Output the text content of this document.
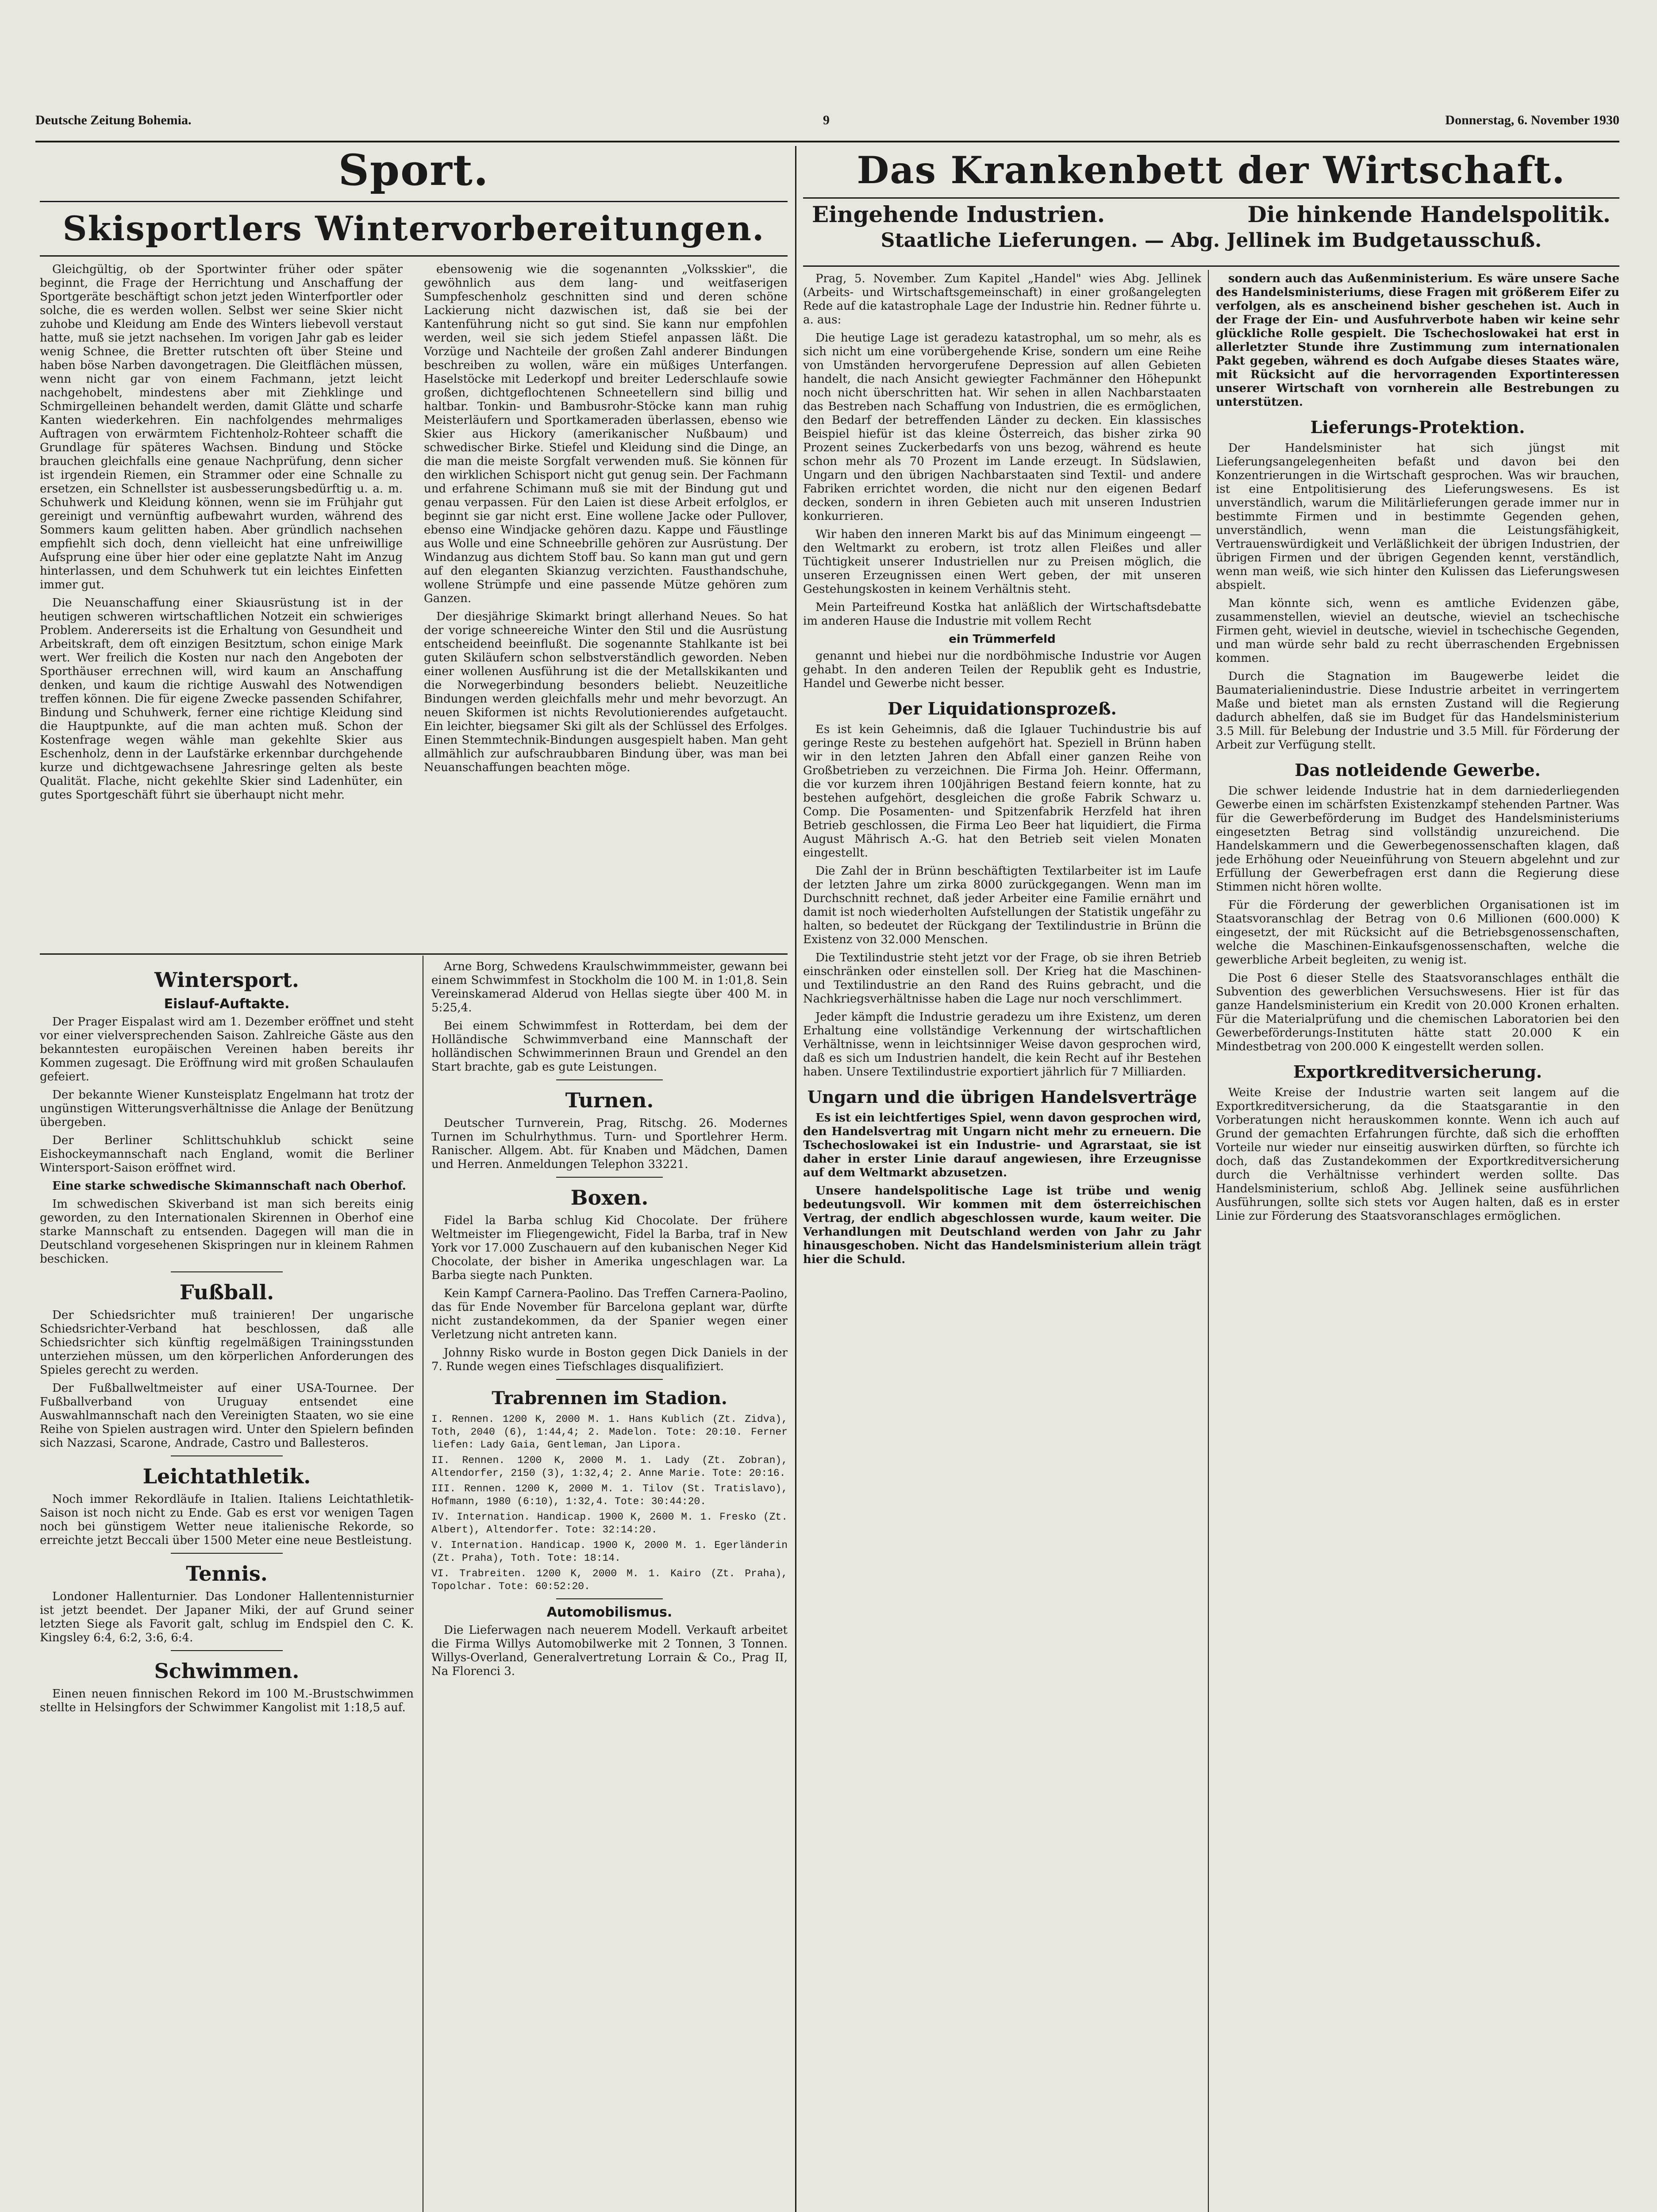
Deutsche Zeitung Bohemia.	9	Donnerstag, 6. November 1930
Sport.
Skisportlers Wintervorbereitungen.

Gleichgültig, ob der Sportwinter früher oder später beginnt, die Frage der Herrichtung und Anschaffung der Sportgeräte beschäftigt schon jetzt jeden Winterfportler oder solche, die es werden wollen. Selbst wer seine Skier nicht zuhobe und Kleidung am Ende des Winters liebevoll verstaut hatte, muß sie jetzt nachsehen. Im vorigen Jahr gab es leider wenig Schnee, die Bretter rutschten oft über Steine und haben böse Narben davongetragen. Die Gleitflächen müssen, wenn nicht gar von einem Fachmann, jetzt leicht nachgehobelt, mindestens aber mit Ziehklinge und Schmirgelleinen behandelt werden, damit Glätte und scharfe Kanten wiederkehren. Ein nachfolgendes mehrmaliges Auftragen von erwärmtem Fichtenholz-Rohteer schafft die Grundlage für späteres Wachsen. Bindung und Stöcke brauchen gleichfalls eine genaue Nachprüfung, denn sicher ist irgendein Riemen, ein Strammer oder eine Schnalle zu ersetzen, ein Schnellster ist ausbesserungsbedürftig u. a. m. Schuhwerk und Kleidung können, wenn sie im Frühjahr gut gereinigt und vernünftig aufbewahrt wurden, während des Sommers kaum gelitten haben. Aber gründlich nachsehen empfiehlt sich doch, denn vielleicht hat eine unfreiwillige Aufsprung eine über hier oder eine geplatzte Naht im Anzug hinterlassen, und dem Schuhwerk tut ein leichtes Einfetten immer gut.

Die Neuanschaffung einer Skiausrüstung ist in der heutigen schweren wirtschaftlichen Notzeit ein schwieriges Problem. Andererseits ist die Erhaltung von Gesundheit und Arbeitskraft, dem oft einzigen Besitztum, schon einige Mark wert. Wer freilich die Kosten nur nach den Angeboten der Sporthäuser errechnen will, wird kaum an Anschaffung denken, und kaum die richtige Auswahl des Notwendigen treffen können. Die für eigene Zwecke passenden Schifahrer, Bindung und Schuhwerk, ferner eine richtige Kleidung sind die Hauptpunkte, auf die man achten muß. Schon der Kostenfrage wegen wähle man gekehlte Skier aus Eschenholz, denn in der Laufstärke erkennbar durchgehende kurze und dichtgewachsene Jahresringe gelten als beste Qualität. Flache, nicht gekehlte Skier sind Ladenhüter, ein gutes Sportgeschäft führt sie überhaupt nicht mehr.

ebensowenig wie die sogenannten „Volksskier", die gewöhnlich aus dem lang- und weitfaserigen Sumpfeschenholz geschnitten sind und deren schöne Lackierung nicht dazwischen ist, daß sie bei der Kantenführung nicht so gut sind. Sie kann nur empfohlen werden, weil sie sich jedem Stiefel anpassen läßt. Die Vorzüge und Nachteile der großen Zahl anderer Bindungen beschreiben zu wollen, wäre ein müßiges Unterfangen. Haselstöcke mit Lederkopf und breiter Lederschlaufe sowie großen, dichtgeflochtenen Schneetellern sind billig und haltbar. Tonkin- und Bambusrohr-Stöcke kann man ruhig Meisterläufern und Sportkameraden überlassen, ebenso wie Skier aus Hickory (amerikanischer Nußbaum) und schwedischer Birke. Stiefel und Kleidung sind die Dinge, an die man die meiste Sorgfalt verwenden muß. Sie können für den wirklichen Schisport nicht gut genug sein. Der Fachmann und erfahrene Schimann muß sie mit der Bindung gut und genau verpassen. Für den Laien ist diese Arbeit erfolglos, er beginnt sie gar nicht erst. Eine wollene Jacke oder Pullover, ebenso eine Windjacke gehören dazu. Kappe und Fäustlinge aus Wolle und eine Schneebrille gehören zur Ausrüstung. Der Windanzug aus dichtem Stoff bau. So kann man gut und gern auf den eleganten Skianzug verzichten. Fausthandschuhe, wollene Strümpfe und eine passende Mütze gehören zum Ganzen.

Der diesjährige Skimarkt bringt allerhand Neues. So hat der vorige schneereiche Winter den Stil und die Ausrüstung entscheidend beeinflußt. Die sogenannte Stahlkante ist bei guten Skiläufern schon selbstverständlich geworden. Neben einer wollenen Ausführung ist die der Metallskikanten und die Norwegerbindung besonders beliebt. Neuzeitliche Bindungen werden gleichfalls mehr und mehr bevorzugt. An neuen Skiformen ist nichts Revolutionierendes aufgetaucht. Ein leichter, biegsamer Ski gilt als der Schlüssel des Erfolges. Einen Stemmtechnik-Bindungen ausgespielt haben. Man geht allmählich zur aufschraubbaren Bindung über, was man bei Neuanschaffungen beachten möge.

Wintersport.
Eislauf-Auftakte.

Der Prager Eispalast wird am 1. Dezember eröffnet und steht vor einer vielversprechenden Saison. Zahlreiche Gäste aus den bekanntesten europäischen Vereinen haben bereits ihr Kommen zugesagt. Die Eröffnung wird mit großen Schaulaufen gefeiert.

Der bekannte Wiener Kunsteisplatz Engelmann hat trotz der ungünstigen Witterungsverhältnisse die Anlage der Benützung übergeben.

Der Berliner Schlittschuhklub schickt seine Eishockeymannschaft nach England, womit die Berliner Wintersport-Saison eröffnet wird.

Eine starke schwedische Skimannschaft nach Oberhof.

Im schwedischen Skiverband ist man sich bereits einig geworden, zu den Internationalen Skirennen in Oberhof eine starke Mannschaft zu entsenden. Dagegen will man die in Deutschland vorgesehenen Skispringen nur in kleinem Rahmen beschicken.

Fußball.

Der Schiedsrichter muß trainieren! Der ungarische Schiedsrichter-Verband hat beschlossen, daß alle Schiedsrichter sich künftig regelmäßigen Trainingsstunden unterziehen müssen, um den körperlichen Anforderungen des Spieles gerecht zu werden.

Der Fußballweltmeister auf einer USA-Tournee. Der Fußballverband von Uruguay entsendet eine Auswahlmannschaft nach den Vereinigten Staaten, wo sie eine Reihe von Spielen austragen wird. Unter den Spielern befinden sich Nazzasi, Scarone, Andrade, Castro und Ballesteros.

Leichtathletik.

Noch immer Rekordläufe in Italien. Italiens Leichtathletik-Saison ist noch nicht zu Ende. Gab es erst vor wenigen Tagen noch bei günstigem Wetter neue italienische Rekorde, so erreichte jetzt Beccali über 1500 Meter eine neue Bestleistung.

Tennis.

Londoner Hallenturnier. Das Londoner Hallentennisturnier ist jetzt beendet. Der Japaner Miki, der auf Grund seiner letzten Siege als Favorit galt, schlug im Endspiel den C. K. Kingsley 6:4, 6:2, 3:6, 6:4.

Schwimmen.

Einen neuen finnischen Rekord im 100 M.-Brustschwimmen stellte in Helsingfors der Schwimmer Kangolist mit 1:18,5 auf.

Arne Borg, Schwedens Kraulschwimmmeister, gewann bei einem Schwimmfest in Stockholm die 100 M. in 1:01,8. Sein Vereinskamerad Alderud von Hellas siegte über 400 M. in 5:25,4.

Bei einem Schwimmfest in Rotterdam, bei dem der Holländische Schwimmverband eine Mannschaft der holländischen Schwimmerinnen Braun und Grendel an den Start brachte, gab es gute Leistungen.

Turnen.

Deutscher Turnverein, Prag, Ritschg. 26. Modernes Turnen im Schulrhythmus. Turn- und Sportlehrer Herm. Ranischer. Allgem. Abt. für Knaben und Mädchen, Damen und Herren. Anmeldungen Telephon 33221.

Boxen.

Fidel la Barba schlug Kid Chocolate. Der frühere Weltmeister im Fliegengewicht, Fidel la Barba, traf in New York vor 17.000 Zuschauern auf den kubanischen Neger Kid Chocolate, der bisher in Amerika ungeschlagen war. La Barba siegte nach Punkten.

Kein Kampf Carnera-Paolino. Das Treffen Carnera-Paolino, das für Ende November für Barcelona geplant war, dürfte nicht zustandekommen, da der Spanier wegen einer Verletzung nicht antreten kann.

Johnny Risko wurde in Boston gegen Dick Daniels in der 7. Runde wegen eines Tiefschlages disqualifiziert.

Trabrennen im Stadion.
I. Rennen. 1200 K, 2000 M. 1. Hans Kublich (Zt. Zidva), Toth, 2040 (6), 1:44,4; 2. Madelon. Tote: 20:10. Ferner liefen: Lady Gaia, Gentleman, Jan Lipora.
II. Rennen. 1200 K, 2000 M. 1. Lady (Zt. Zobran), Altendorfer, 2150 (3), 1:32,4; 2. Anne Marie. Tote: 20:16.
III. Rennen. 1200 K, 2000 M. 1. Tilov (St. Tratislavo), Hofmann, 1980 (6:10), 1:32,4. Tote: 30:44:20.
IV. Internation. Handicap. 1900 K, 2600 M. 1. Fresko (Zt. Albert), Altendorfer. Tote: 32:14:20.
V. Internation. Handicap. 1900 K, 2000 M. 1. Egerländerin (Zt. Praha), Toth. Tote: 18:14.
VI. Trabreiten. 1200 K, 2000 M. 1. Kairo (Zt. Praha), Topolchar. Tote: 60:52:20.
Automobilismus.

Die Lieferwagen nach neuerem Modell. Verkauft arbeitet die Firma Willys Automobilwerke mit 2 Tonnen, 3 Tonnen. Willys-Overland, Generalvertretung Lorrain & Co., Prag II, Na Florenci 3.

Das Krankenbett der Wirtschaft.
Eingehende Industrien.	Die hinkende Handelspolitik.
Staatliche Lieferungen. — Abg. Jellinek im Budgetausschuß.

Prag, 5. November. Zum Kapitel „Handel" wies Abg. Jellinek (Arbeits- und Wirtschaftsgemeinschaft) in einer großangelegten Rede auf die katastrophale Lage der Industrie hin. Redner führte u. a. aus:

Die heutige Lage ist geradezu katastrophal, um so mehr, als es sich nicht um eine vorübergehende Krise, sondern um eine Reihe von Umständen hervorgerufene Depression auf allen Gebieten handelt, die nach Ansicht gewiegter Fachmänner den Höhepunkt noch nicht überschritten hat. Wir sehen in allen Nachbarstaaten das Bestreben nach Schaffung von Industrien, die es ermöglichen, den Bedarf der betreffenden Länder zu decken. Ein klassisches Beispiel hiefür ist das kleine Österreich, das bisher zirka 90 Prozent seines Zuckerbedarfs von uns bezog, während es heute schon mehr als 70 Prozent im Lande erzeugt. In Südslawien, Ungarn und den übrigen Nachbarstaaten sind Textil- und andere Fabriken errichtet worden, die nicht nur den eigenen Bedarf decken, sondern in ihren Gebieten auch mit unseren Industrien konkurrieren.

Wir haben den inneren Markt bis auf das Minimum eingeengt — den Weltmarkt zu erobern, ist trotz allen Fleißes und aller Tüchtigkeit unserer Industriellen nur zu Preisen möglich, die unseren Erzeugnissen einen Wert geben, der mit unseren Gestehungskosten in keinem Verhältnis steht.

Mein Parteifreund Kostka hat anläßlich der Wirtschaftsdebatte im anderen Hause die Industrie mit vollem Recht

ein Trümmerfeld

genannt und hiebei nur die nordböhmische Industrie vor Augen gehabt. In den anderen Teilen der Republik geht es Industrie, Handel und Gewerbe nicht besser.

Der Liquidationsprozeß.

Es ist kein Geheimnis, daß die Iglauer Tuchindustrie bis auf geringe Reste zu bestehen aufgehört hat. Speziell in Brünn haben wir in den letzten Jahren den Abfall einer ganzen Reihe von Großbetrieben zu verzeichnen. Die Firma Joh. Heinr. Offermann, die vor kurzem ihren 100jährigen Bestand feiern konnte, hat zu bestehen aufgehört, desgleichen die große Fabrik Schwarz u. Comp. Die Posamenten- und Spitzenfabrik Herzfeld hat ihren Betrieb geschlossen, die Firma Leo Beer hat liquidiert, die Firma August Mährisch A.-G. hat den Betrieb seit vielen Monaten eingestellt.

Die Zahl der in Brünn beschäftigten Textilarbeiter ist im Laufe der letzten Jahre um zirka 8000 zurückgegangen. Wenn man im Durchschnitt rechnet, daß jeder Arbeiter eine Familie ernährt und damit ist noch wiederholten Aufstellungen der Statistik ungefähr zu halten, so bedeutet der Rückgang der Textilindustrie in Brünn die Existenz von 32.000 Menschen.

Die Textilindustrie steht jetzt vor der Frage, ob sie ihren Betrieb einschränken oder einstellen soll. Der Krieg hat die Maschinen- und Textilindustrie an den Rand des Ruins gebracht, und die Nachkriegsverhältnisse haben die Lage nur noch verschlimmert.

Jeder kämpft die Industrie geradezu um ihre Existenz, um deren Erhaltung eine vollständige Verkennung der wirtschaftlichen Verhältnisse, wenn in leichtsinniger Weise davon gesprochen wird, daß es sich um Industrien handelt, die kein Recht auf ihr Bestehen haben. Unsere Textilindustrie exportiert jährlich für 7 Milliarden.

Ungarn und die übrigen Handelsverträge

Es ist ein leichtfertiges Spiel, wenn davon gesprochen wird, den Handelsvertrag mit Ungarn nicht mehr zu erneuern. Die Tschechoslowakei ist ein Industrie- und Agrarstaat, sie ist daher in erster Linie darauf angewiesen, ihre Erzeugnisse auf dem Weltmarkt abzusetzen.

Unsere handelspolitische Lage ist trübe und wenig bedeutungsvoll. Wir kommen mit dem österreichischen Vertrag, der endlich abgeschlossen wurde, kaum weiter. Die Verhandlungen mit Deutschland werden von Jahr zu Jahr hinausgeschoben. Nicht das Handelsministerium allein trägt hier die Schuld.

sondern auch das Außenministerium. Es wäre unsere Sache des Handelsministeriums, diese Fragen mit größerem Eifer zu verfolgen, als es anscheinend bisher geschehen ist. Auch in der Frage der Ein- und Ausfuhrverbote haben wir keine sehr glückliche Rolle gespielt. Die Tschechoslowakei hat erst in allerletzter Stunde ihre Zustimmung zum internationalen Pakt gegeben, während es doch Aufgabe dieses Staates wäre, mit Rücksicht auf die hervorragenden Exportinteressen unserer Wirtschaft von vornherein alle Bestrebungen zu unterstützen.

Lieferungs-Protektion.

Der Handelsminister hat sich jüngst mit Lieferungsangelegenheiten befaßt und davon bei den Konzentrierungen in die Wirtschaft gesprochen. Was wir brauchen, ist eine Entpolitisierung des Lieferungswesens. Es ist unverständlich, warum die Militärlieferungen gerade immer nur in bestimmte Firmen und in bestimmte Gegenden gehen, unverständlich, wenn man die Leistungsfähigkeit, Vertrauenswürdigkeit und Verläßlichkeit der übrigen Industrien, der übrigen Firmen und der übrigen Gegenden kennt, verständlich, wenn man weiß, wie sich hinter den Kulissen das Lieferungswesen abspielt.

Man könnte sich, wenn es amtliche Evidenzen gäbe, zusammenstellen, wieviel an deutsche, wieviel an tschechische Firmen geht, wieviel in deutsche, wieviel in tschechische Gegenden, und man würde sehr bald zu recht überraschenden Ergebnissen kommen.

Durch die Stagnation im Baugewerbe leidet die Baumaterialienindustrie. Diese Industrie arbeitet in verringertem Maße und bietet man als ernsten Zustand will die Regierung dadurch abhelfen, daß sie im Budget für das Handelsministerium 3.5 Mill. für Belebung der Industrie und 3.5 Mill. für Förderung der Arbeit zur Verfügung stellt.

Das notleidende Gewerbe.

Die schwer leidende Industrie hat in dem darniederliegenden Gewerbe einen im schärfsten Existenzkampf stehenden Partner. Was für die Gewerbeförderung im Budget des Handelsministeriums eingesetzten Betrag sind vollständig unzureichend. Die Handelskammern und die Gewerbegenossenschaften klagen, daß jede Erhöhung oder Neueinführung von Steuern abgelehnt und zur Erfüllung der Gewerbefragen erst dann die Regierung diese Stimmen nicht hören wollte.

Für die Förderung der gewerblichen Organisationen ist im Staatsvoranschlag der Betrag von 0.6 Millionen (600.000) K eingesetzt, der mit Rücksicht auf die Betriebsgenossenschaften, welche die Maschinen-Einkaufsgenossenschaften, welche die gewerbliche Arbeit begleiten, zu wenig ist.

Die Post 6 dieser Stelle des Staatsvoranschlages enthält die Subvention des gewerblichen Versuchswesens. Hier ist für das ganze Handelsministerium ein Kredit von 20.000 Kronen erhalten. Für die Materialprüfung und die chemischen Laboratorien bei den Gewerbeförderungs-Instituten hätte statt 20.000 K ein Mindestbetrag von 200.000 K eingestellt werden sollen.

Exportkreditversicherung.

Weite Kreise der Industrie warten seit langem auf die Exportkreditversicherung, da die Staatsgarantie in den Vorberatungen nicht herauskommen konnte. Wenn ich auch auf Grund der gemachten Erfahrungen fürchte, daß sich die erhofften Vorteile nur wieder nur einseitig auswirken dürften, so fürchte ich doch, daß das Zustandekommen der Exportkreditversicherung durch die Verhältnisse verhindert werden sollte. Das Handelsministerium, schloß Abg. Jellinek seine ausführlichen Ausführungen, sollte sich stets vor Augen halten, daß es in erster Linie zur Förderung des Staatsvoranschlages ermöglichen.
